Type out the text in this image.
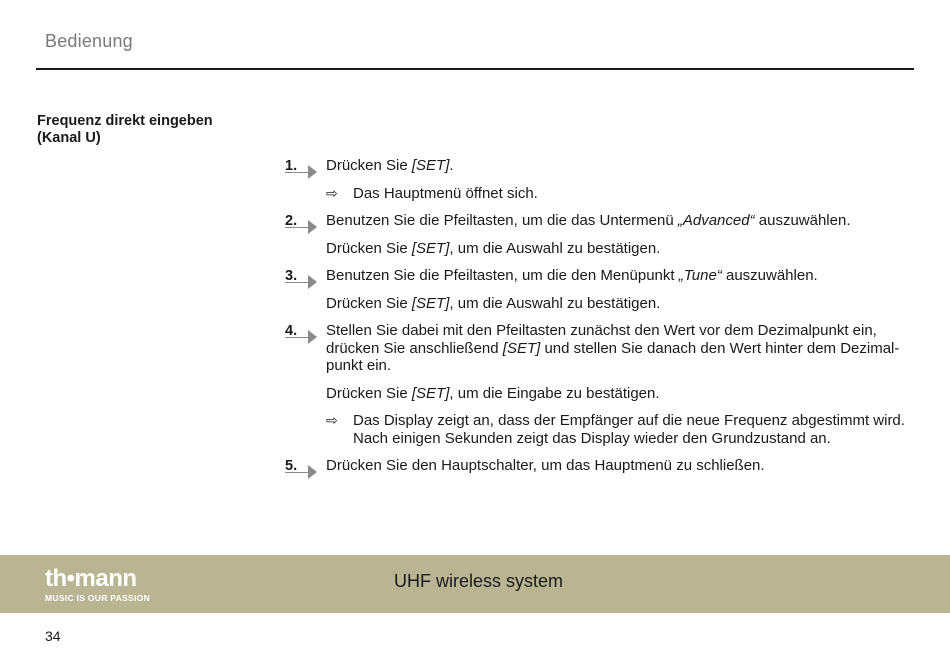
Bedienung
Frequenz direkt eingeben
(Kanal U)
1.	Drücken Sie [SET].

⇨ Das Hauptmenü öffnet sich.
2.	Benutzen Sie die Pfeiltasten, um die das Untermenü „Advanced“ auszuwählen.

Drücken Sie [SET], um die Auswahl zu bestätigen.

3.	Benutzen Sie die Pfeiltasten, um die den Menüpunkt „Tune“ auszuwählen.

Drücken Sie [SET], um die Auswahl zu bestätigen.

4.	Stellen Sie dabei mit den Pfeiltasten zunächst den Wert vor dem Dezimalpunkt ein, drücken Sie anschließend [SET] und stellen Sie danach den Wert hinter dem Dezimalpunkt ein.

Drücken Sie [SET], um die Eingabe zu bestätigen.

⇨ Das Display zeigt an, dass der Empfänger auf die neue Frequenz abgestimmt wird. Nach einigen Sekunden zeigt das Display wieder den Grundzustand an.
5.	Drücken Sie den Hauptschalter, um das Hauptmenü zu schließen.

th•mann
MUSIC IS OUR PASSION
UHF wireless system
34
